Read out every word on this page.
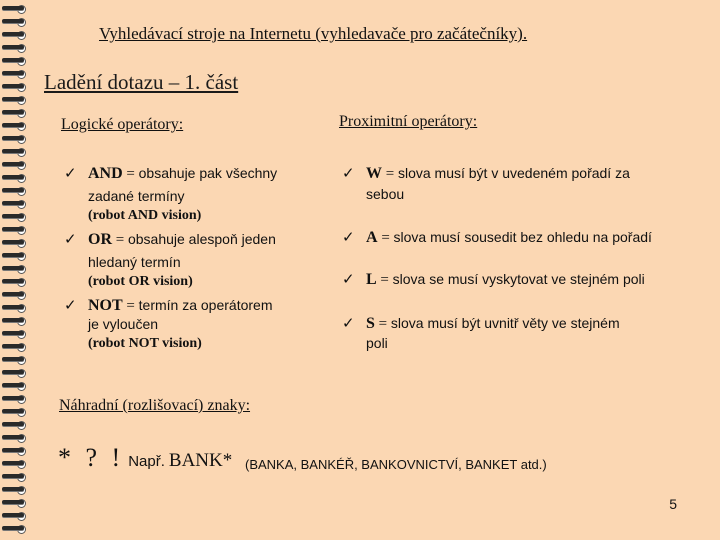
Vyhledávací stroje na Internetu (vyhledavače pro začátečníky).
Ladění dotazu – 1. část
Logické operátory:	Proximitní operátory:
✓ AND = obsahuje pak všechny
zadané termíny
(robot AND vision)
✓ OR = obsahuje alespoň jeden
hledaný termín
(robot OR vision)
✓ NOT = termín za operátorem
je vyloučen
(robot NOT vision)
✓ W = slova musí být v uvedeném pořadí za
sebou
✓ A = slova musí sousedit bez ohledu na pořadí
✓ L = slova se musí vyskytovat ve stejném poli
✓ S = slova musí být uvnitř věty ve stejném
poli
Náhradní (rozlišovací) znaky:
* ? ! Např. BANK* (BANKA, BANKÉŘ, BANKOVNICTVÍ, BANKET atd.)
5
